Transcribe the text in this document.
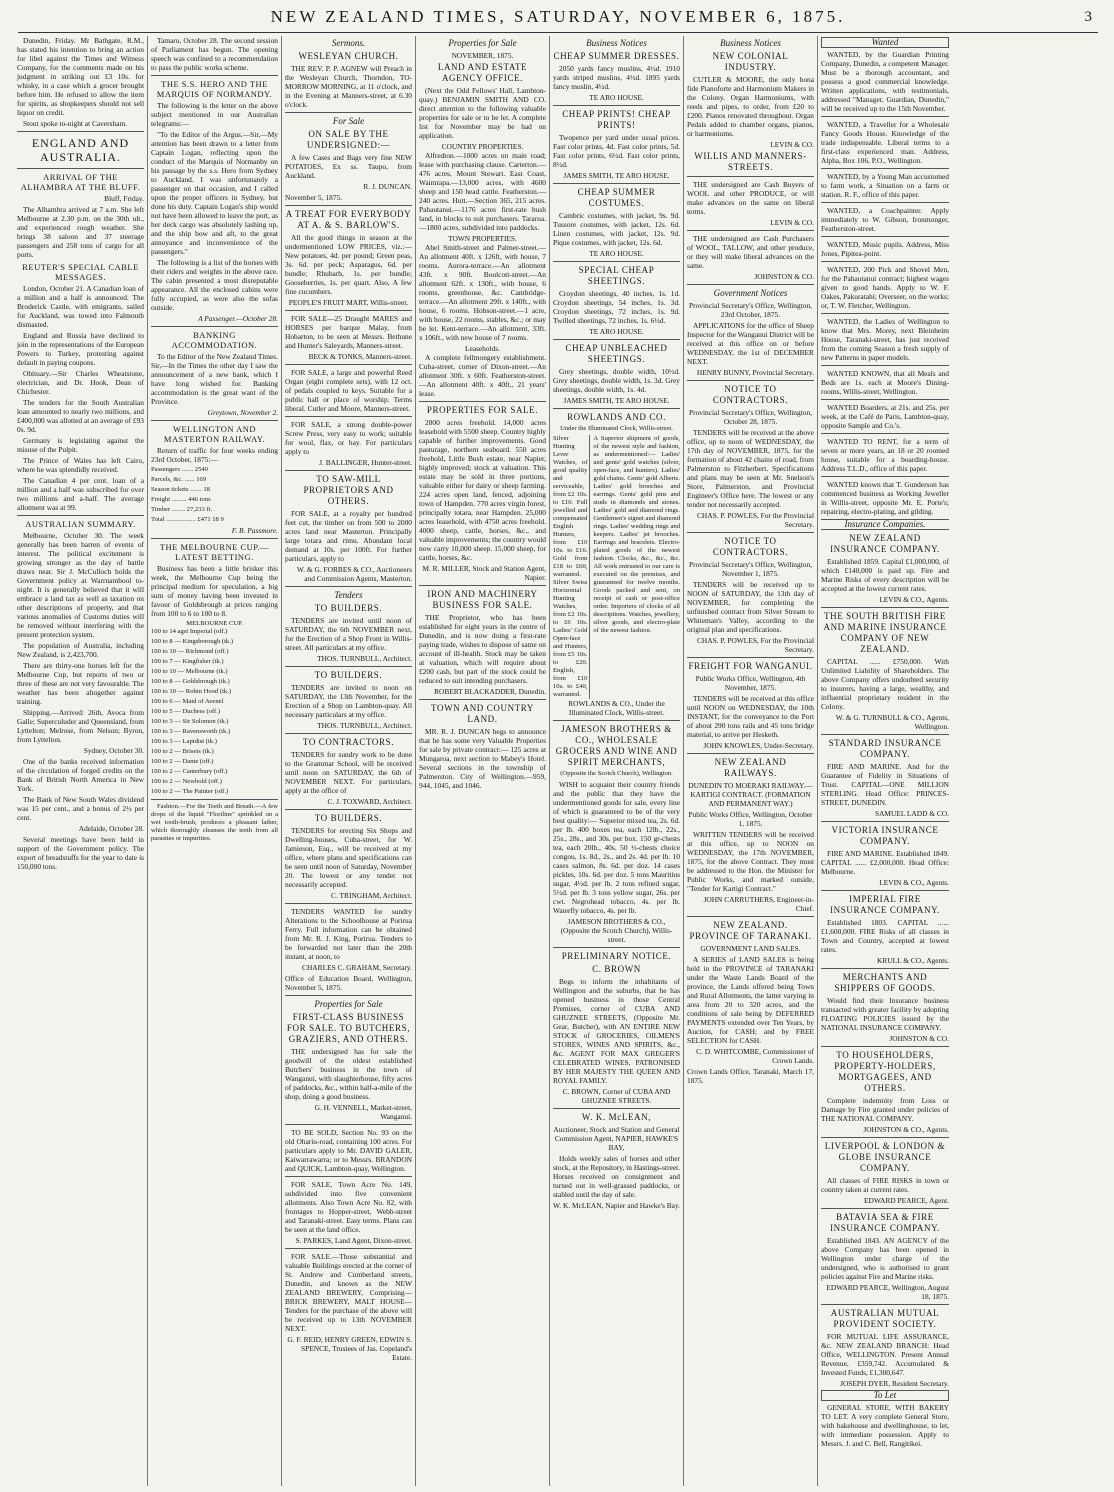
NEW ZEALAND TIMES, SATURDAY, NOVEMBER 6, 1875.	3

Dunedin, Friday. Mr Bathgate, R.M., has stated his intention to bring an action for libel against the Times and Witness Company, for the comments made on his judgment in striking out £3 10s. for whisky, in a case which a grocer brought before him. He refused to allow the item for spirits, as shopkeepers should not sell liquor on credit.

Stout spoke to-night at Caversham.

ENGLAND AND AUSTRALIA.
ARRIVAL OF THE ALHAMBRA AT THE BLUFF.

Bluff, Friday.

The Alhambra arrived at 7 a.m. She left Melbourne at 2.30 p.m. on the 30th ult., and experienced rough weather. She brings 38 saloon and 37 steerage passengers and 258 tons of cargo for all ports.

REUTER'S SPECIAL CABLE MESSAGES.

London, October 21. A Canadian loan of a million and a half is announced. The Broderick Castle, with emigrants, sailed for Auckland, was towed into Falmouth dismasted.

England and Russia have declined to join in the representations of the European Powers to Turkey, protesting against default in paying coupons.

Obituary.—Sir Charles Wheatstone, electrician, and Dr. Hook, Dean of Chichester.

The tenders for the South Australian loan amounted to nearly two millions, and £400,000 was allotted at an average of £93 0s. 9d.

Germany is legislating against the misuse of the Pulpit.

The Prince of Wales has left Cairo, where he was splendidly received.

The Canadian 4 per cent. loan of a million and a half was subscribed for over two millions and a-half. The average allotment was at 99.

AUSTRALIAN SUMMARY.

Melbourne, October 30. The week generally has been barren of events of interest. The political excitement is growing stronger as the day of battle draws near. Sir J. McCulloch holds the Government policy at Warrnambool to-night. It is generally believed that it will embrace a land tax as well as taxation on other descriptions of property, and that various anomalies of Customs duties will be removed without interfering with the present protection system.

The population of Australia, including New Zealand, is 2,423,700.

There are thirty-one horses left for the Melbourne Cup, but reports of two or three of these are not very favourable. The weather has been altogether against training.

Shipping.—Arrived: 26th, Avoca from Galle; Superculuder and Queensland, from Lyttelton; Melrose, from Nelson; Byron, from Lyttelton.

Sydney, October 30.

One of the banks received information of the circulation of forged credits on the Bank of British North America in New York.

The Bank of New South Wales dividend was 15 per cent., and a bonus of 2½ per cent.

Adelaide, October 28.

Several meetings have been held in support of the Government policy. The export of breadstuffs for the year to date is 150,000 tons.

Tamaru, October 28. The second session of Parliament has begun. The opening speech was confined to a recommendation to pass the public works scheme.

THE S.S. HERO AND THE MARQUIS OF NORMANDY.

The following is the letter on the above subject mentioned in our Australian telegrams:—

"To the Editor of the Argus.—Sir,—My attention has been drawn to a letter from Captain Logan, reflecting upon the conduct of the Marquis of Normanby on his passage by the s.s. Hero from Sydney to Auckland. I was unfortunately a passenger on that occasion, and I called upon the proper officers in Sydney, but done his duty. Captain Logan's ship would not have been allowed to leave the port, as her deck cargo was absolutely lashing up, and the ship bow and aft, to the great annoyance and inconvenience of the passengers."

The following is a list of the horses with their riders and weights in the above race. The cabin presented a most disreputable appearance. All the enclosed cabins were fully occupied, as were also the sofas outside.

A Passenger.—October 28.

BANKING ACCOMMODATION.

To the Editor of the New Zealand Times. Sir,—In the Times the other day I saw the announcement of a new bank, which I have long wished for. Banking accommodation is the great want of the Province.

Greytown, November 2.

WELLINGTON AND MASTERTON RAILWAY.

Return of traffic for four weeks ending 23rd October, 1875:—

Passengers ....... 2540

Parcels, &c. ...... 169

Season tickets ....... 18

Freight ......... 446 tons

Timber ........ 27,233 ft.

Total .................. £471 18 9

F. B. Passmore.

THE MELBOURNE CUP.—LATEST BETTING.

Business has been a little brisker this week, the Melbourne Cup being the principal medium for speculation, a big sum of money having been invested in favour of Goldsbrough at prices ranging from 100 to 6 to 100 to 8.

MELBOURNE CUP.

100 to 14 agst Imperial (off.)

100 to 8 — Kingsborough (tk.)

100 to 10 — Richmond (off.)

100 to 7 — Kingfisher (tk.)

100 to 10 — Melbourne (tk.)

100 to 8 — Goldsbrough (tk.)

100 to 10 — Robin Hood (tk.)

100 to 6 — Maid of Avenel

100 to 5 — Duchess (off.)

100 to 3 — Sir Solomon (tk.)

100 to 3 — Ravensworth (tk.)

100 to 3 — Lapidist (tk.)

100 to 2 — Briseis (tk.)

100 to 2 — Dante (off.)

100 to 2 — Canterbury (off.)

100 to 2 — Newbold (off.)

100 to 2 — The Painter (off.)

Fashion.—For the Teeth and Breath.—A few drops of the liquid "Floriline" sprinkled on a wet tooth-brush, produces a pleasant lather, which thoroughly cleanses the teeth from all parasites or impurities.

Sermons.
WESLEYAN CHURCH.

THE REV. P. P. AGNEW will Preach in the Wesleyan Church, Thorndon, TO-MORROW MORNING, at 11 o'clock, and in the Evening at Manners-street, at 6.30 o'clock.

For Sale
ON SALE BY THE UNDERSIGNED:—

A few Cases and Bags very fine NEW POTATOES, Ex ss. Taupo, from Auckland.

R. J. DUNCAN.

November 5, 1875.

A TREAT FOR EVERYBODY AT A. & S. BARLOW'S.

All the good things in season at the undermentioned LOW PRICES, viz.:— New potatoes, 4d. per pound; Green peas, 3s. 6d. per peck; Asparagus, 6d. per bundle; Rhubarb, 1s. per bundle; Gooseberries, 1s. per quart. Also, A few fine cucumbers.

PEOPLE'S FRUIT MART, Willis-street.

FOR SALE—25 Draught MARES and HORSES per barque Malay, from Hobarton, to be seen at Messrs. Bethune and Hunter's Saleyards, Manners-street.

BECK & TONKS, Manners-street.

FOR SALE, a large and powerful Reed Organ (eight complete sets), with 12 oct. of pedals coupled to keys. Suitable for a public hall or place of worship. Terms liberal. Cutler and Moore, Manners-street.

FOR SALE, a strong double-power Screw Press, very easy to work; suitable for wool, flax, or hay. For particulars apply to

J. BALLINGER, Hunter-street.

TO SAW-MILL PROPRIETORS AND OTHERS.

FOR SALE, at a royalty per hundred feet cut, the timber on from 500 to 2000 acres land near Masterton. Principally large totara and rimu. Abundant local demand at 10s. per 100ft. For further particulars, apply to

W. & G. FORBES & CO., Auctioneers and Commission Agents, Masterton.

Tenders
TO BUILDERS.

TENDERS are invited until noon of SATURDAY, the 6th NOVEMBER next, for the Erection of a Shop Front in Willis-street. All particulars at my office.

THOS. TURNBULL, Architect.

TO BUILDERS.

TENDERS are invited to noon on SATURDAY, the 13th November, for the Erection of a Shop on Lambton-quay. All necessary particulars at my office.

THOS. TURNBULL, Architect.

TO CONTRACTORS.

TENDERS for sundry work to be done to the Grammar School, will be received until noon on SATURDAY, the 6th of NOVEMBER NEXT. For particulars, apply at the office of

C. J. TOXWARD, Architect.

TO BUILDERS.

TENDERS for erecting Six Shops and Dwelling-houses, Cuba-street, for W. Jamieson, Esq., will be received at my office, where plans and specifications can be seen until noon of Saturday, November 20. The lowest or any tender not necessarily accepted.

C. TRINGHAM, Architect.

TENDERS WANTED for sundry Alterations to the Schoolhouse at Porirua Ferry. Full information can be obtained from Mr. R. J. King, Porirua. Tenders to be forwarded not later than the 20th instant, at noon, to

CHARLES C. GRAHAM, Secretary.

Office of Education Board, Wellington, November 5, 1875.

Properties for Sale
FIRST-CLASS BUSINESS FOR SALE. TO BUTCHERS, GRAZIERS, AND OTHERS.

THE undersigned has for sale the goodwill of the oldest established Butchers' business in the town of Wanganui, with slaughterhouse, fifty acres of paddocks, &c., within half-a-mile of the shop, doing a good business.

G. H. VENNELL, Market-street, Wanganui.

TO BE SOLD, Section No. 93 on the old Ohariu-road, containing 100 acres. For particulars apply to Mr. DAVID GALER, Kaiwarrawarra; or to Messrs. BRANDON and QUICK, Lambton-quay, Wellington.

FOR SALE, Town Acre No. 149, subdivided into five convenient allotments. Also Town Acre No. 82, with frontages to Hopper-street, Webb-street and Taranaki-street. Easy terms. Plans can be seen at the land office.

S. PARKES, Land Agent, Dixon-street.

FOR SALE.—Those substantial and valuable Buildings erected at the corner of St. Andrew and Cumberland streets, Dunedin, and known as the NEW ZEALAND BREWERY, Comprising— BRICK BREWERY, MALT HOUSE— Tenders for the purchase of the above will be received up to 13th NOVEMBER NEXT.

G. F. REID, HENRY GREEN, EDWIN S. SPENCE, Trustees of Jas. Copeland's Estate.

Properties for Sale

NOVEMBER, 1875.

LAND AND ESTATE AGENCY OFFICE.

(Next the Odd Fellows' Hall, Lambton-quay.) BENJAMIN SMITH AND CO. direct attention to the following valuable properties for sale or to be let. A complete list for November may be had on application.

COUNTRY PROPERTIES.

Alfredton.—1000 acres on main road; lease with purchasing clause. Carterton.—476 acres, Mount Stewart. East Coast, Waimrapa.—13,000 acres, with 4600 sheep and 150 head cattle. Featherston.—240 acres. Hutt.—Section 365, 215 acres. Pahautanui.—1176 acres first-rate bush land, in blocks to suit purchasers. Tararua.—1800 acres, subdivided into paddocks.

TOWN PROPERTIES.

Abel Smith-street and Palmer-street.—An allotment 40ft. x 126ft, with house, 7 rooms. Aurora-terrace.—An allotment 43ft. x 90ft. Boulcott-street.—An allotment 62ft. x 130ft., with house, 6 rooms, greenhouse, &c. Cambridge-terrace.—An allotment 29ft. x 140ft., with house, 6 rooms. Hobson-street.—1 acre, with house, 22 rooms, stables, &c.; or may be let. Kent-terrace.—An allotment, 33ft. x 106ft., with new house of 7 rooms.

Leaseholds.

A complete fellmongery establishment. Cuba-street, corner of Dixon-street.—An allotment 30ft. x 60ft. Featherston-street.—An allotment 40ft. x 40ft., 21 years' lease.

PROPERTIES FOR SALE.

2800 acres freehold. 14,000 acres leasehold with 5500 sheep. Country highly capable of further improvements. Good pasturage, northern seaboard. 550 acres freehold, Little Bush estate, near Napier, highly improved; stock at valuation. This estate may be sold in three portions, valuable either for dairy or sheep farming. 224 acres open land, fenced, adjoining town of Hampden. 770 acres virgin forest, principally totara, near Hampden. 25,000 acres leasehold, with 4750 acres freehold. 4000 sheep, cattle, horses, &c., and valuable improvements; the country would now carry 10,000 sheep. 15,000 sheep, for cattle, horses, &c.

M. R. MILLER, Stock and Station Agent, Napier.

IRON AND MACHINERY BUSINESS FOR SALE.

THE Proprietor, who has been established for eight years in the centre of Dunedin, and is now doing a first-rate paying trade, wishes to dispose of same on account of ill-health. Stock may be taken at valuation, which will require about £200 cash, but part of the stock could be reduced to suit intending purchasers.

ROBERT BLACKADDER, Dunedin.

TOWN AND COUNTRY LAND.

MR. R. J. DUNCAN begs to announce that he has some very Valuable Properties for sale by private contract:— 125 acres at Mungaroa, next section to Mabey's Hotel. Several sections in the township of Palmerston. City of Wellington.—959, 944, 1045, and 1046.

Business Notices
CHEAP SUMMER DRESSES.

2050 yards fancy muslins, 4½d. 1910 yards striped muslins, 4½d. 1895 yards fancy muslin, 4½d.

TE ARO HOUSE.

CHEAP PRINTS! CHEAP PRINTS!

Twopence per yard under usual prices. Fast color prints, 4d. Fast color prints, 5d. Fast color prints, 6½d. Fast color prints, 8½d.

JAMES SMITH, TE ARO HOUSE.

CHEAP SUMMER COSTUMES.

Cambric costumes, with jacket, 9s. 9d. Tussore costumes, with jacket, 12s. 6d. Linen costumes, with jacket, 12s. 9d. Pique costumes, with jacket, 12s. 6d.

TE ARO HOUSE.

SPECIAL CHEAP SHEETINGS.

Croydon sheetings, 40 inches, 1s. 1d. Croydon sheetings, 54 inches, 1s. 3d. Croydon sheetings, 72 inches, 1s. 9d. Twilled sheetings, 72 inches, 1s. 6½d.

TE ARO HOUSE.

CHEAP UNBLEACHED SHEETINGS.

Grey sheetings, double width, 10½d. Grey sheetings, double width, 1s. 3d. Grey sheetings, double width, 1s. 4d.

JAMES SMITH, TE ARO HOUSE.

ROWLANDS AND CO.

Under the Illuminated Clock, Willis-street.

Silver Hunting Lever Watches, of good quality and serviceable, from £2 10s. to £10. Full jewelled and compensated English Hunters, from £10 10s. to £16. Gold from £18 to £60, warranted. Silver Swiss Horizontal Hunting Watches, from £2 10s. to £6 10s. Ladies' Gold Open-face and Hunters, from £5 10s. to £20. English, from £10 10s. to £40, warranted.
A Superior shipment of goods, of the newest style and fashion, as undermentioned:— Ladies' and gents' gold watches (silver, open-face, and hunters). Ladies' gold chains. Gents' gold Alberts. Ladies' gold brooches and earrings. Gents' gold pins and studs in diamonds and stones. Ladies' gold and diamond rings. Gentlemen's signet and diamond rings. Ladies' wedding rings and keepers. Ladies' jet brooches. Earrings and bracelets. Electro-plated goods of the newest fashion. Clocks, &c., &c., &c. All work entrusted to our care is executed on the premises, and guaranteed for twelve months. Goods packed and sent, on receipt of cash or post-office order. Importers of clocks of all descriptions. Watches, jewellery, silver goods, and electro-plate of the newest fashion.

ROWLANDS & CO., Under the Illuminated Clock, Willis-street.

JAMESON BROTHERS & CO., WHOLESALE GROCERS AND WINE AND SPIRIT MERCHANTS,

(Opposite the Scotch Church), Wellington.

WISH to acquaint their country friends and the public that they have the undermentioned goods for sale, every line of which is guaranteed to be of the very best quality:— Superior mixed tea, 2s. 6d. per lb. 400 boxes tea, each 12lb., 22s., 25s., 28s., and 30s. per box. 150 gr-chests tea, each 20lb., 40s. 50 ½-chests choice congou, 1s. 8d., 2s., and 2s. 4d. per lb. 10 cases salmon, 8s. 6d. per doz. 14 cases pickles, 10s. 6d. per doz. 5 tons Mauritius sugar, 4½d. per lb. 2 tons refined sugar, 5½d. per lb. 3 tons yellow sugar, 26s. per cwt. Negrohead tobacco, 4s. per lb. Waterfly tobacco, 4s. per lb.

JAMESON BROTHERS & CO., (Opposite the Scotch Church), Willis-street.

PRELIMINARY NOTICE.
C. BROWN

Begs to inform the inhabitants of Wellington and the suburbs, that he has opened business in those Central Premises, corner of CUBA AND GHUZNEE STREETS, (Opposite Mr. Gear, Butcher), with AN ENTIRE NEW STOCK of GROCERIES, OILMEN'S STORES, WINES AND SPIRITS, &c., &c. AGENT FOR MAX GREGER'S CELEBRATED WINES, PATRONISED BY HER MAJESTY THE QUEEN AND ROYAL FAMILY.

C. BROWN, Corner of CUBA AND GHUZNEE STREETS.

W. K. McLEAN,

Auctioneer, Stock and Station and General Commission Agent, NAPIER, HAWKE'S BAY,

Holds weekly sales of horses and other stock, at the Repository, in Hastings-street. Horses received on consignment and turned out in well-grassed paddocks, or stabled until the day of sale.

W. K. McLEAN, Napier and Hawke's Bay.

Business Notices
NEW COLONIAL INDUSTRY.

CUTLER & MOORE, the only bona fide Pianoforte and Harmonium Makers in the Colony. Organ Harmoniums, with reeds and pipes, to order, from £20 to £200. Pianos renovated throughout. Organ Pedals added to chamber organs, pianos, or harmoniums.

LEVIN & CO.

WILLIS AND MANNERS-STREETS.

THE undersigned are Cash Buyers of WOOL and other PRODUCE, or will make advances on the same on liberal terms.

LEVIN & CO.

THE undersigned are Cash Purchasers of WOOL, TALLOW, and other produce, or they will make liberal advances on the same.

JOHNSTON & CO.

Government Notices

Provincial Secretary's Office, Wellington, 23rd October, 1875.

APPLICATIONS for the office of Sheep Inspector for the Wanganui District will be received at this office on or before WEDNESDAY, the 1st of DECEMBER NEXT.

HENRY BUNNY, Provincial Secretary.

NOTICE TO CONTRACTORS.

Provincial Secretary's Office, Wellington, October 28, 1875.

TENDERS will be received at the above office, up to noon of WEDNESDAY, the 17th day of NOVEMBER, 1875, for the formation of about 42 chains of road, from Palmerston to Fitzherbert. Specifications and plans may be seen at Mr. Snelson's Store, Palmerston, and Provincial Engineer's Office here. The lowest or any tender not necessarily accepted.

CHAS. P. POWLES, For the Provincial Secretary.

NOTICE TO CONTRACTORS.

Provincial Secretary's Office, Wellington, November 1, 1875.

TENDERS will be received up to NOON of SATURDAY, the 13th day of NOVEMBER, for completing the unfinished contract from Silver Stream to Whiteman's Valley, according to the original plan and specifications.

CHAS. P. POWLES, For the Provincial Secretary.

FREIGHT FOR WANGANUI.

Public Works Office, Wellington, 4th November, 1875.

TENDERS will be received at this office until NOON on WEDNESDAY, the 10th INSTANT, for the conveyance to the Port of about 290 tons rails and 45 tons bridge material, to arrive per Hesketh.

JOHN KNOWLES, Under-Secretary.

NEW ZEALAND RAILWAYS.

DUNEDIN TO MOERAKI RAILWAY.—KARTIGI CONTRACT. (FORMATION AND PERMANENT WAY.)

Public Works Office, Wellington, October 1, 1875.

WRITTEN TENDERS will be received at this office, up to NOON on WEDNESDAY, the 17th NOVEMBER, 1875, for the above Contract. They must be addressed to the Hon. the Minister for Public Works, and marked outside, "Tender for Kartigi Contract."

JOHN CARRUTHERS, Engineer-in-Chief.

NEW ZEALAND. PROVINCE OF TARANAKI.

GOVERNMENT LAND SALES.

A SERIES of LAND SALES is being held in the PROVINCE of TARANAKI under the Waste Lands Board of the province, the Lands offered being Town and Rural Allotments, the latter varying in area from 20 to 320 acres, and the conditions of sale being by DEFERRED PAYMENTS extended over Ten Years, by Auction, for CASH; and by FREE SELECTION for CASH.

C. D. WHITCOMBE, Commissioner of Crown Lands.

Crown Lands Office, Taranaki, March 17, 1875.

Wanted

WANTED, by the Guardian Printing Company, Dunedin, a competent Manager. Must be a thorough accountant, and possess a good commercial knowledge. Written applications, with testimonials, addressed "Manager, Guardian, Dunedin," will be received up to the 15th November.

WANTED, a Traveller for a Wholesale Fancy Goods House. Knowledge of the trade indispensable. Liberal terms to a first-class experienced man. Address, Alpha, Box 106, P.O., Wellington.

WANTED, by a Young Man accustomed to farm work, a Situation on a farm or station. R. F., office of this paper.

WANTED, a Coachpainter. Apply immediately to W. Gibson, Ironmonger, Featherston-street.

WANTED, Music pupils. Address, Miss Jones, Pipitea-point.

WANTED, 200 Pick and Shovel Men, for the Pahautanui contract; highest wages given to good hands. Apply to W. F. Oakes, Pakuratahi; Overseer, on the works; or, T. W. Fletcher, Wellington.

WANTED, the Ladies of Wellington to know that Mrs. Morey, next Bleinheim House, Taranaki-street, has just received from the coming Season a fresh supply of new Patterns in paper models.

WANTED KNOWN, that all Meals and Beds are 1s. each at Moore's Dining-rooms, Willis-street, Wellington.

WANTED Boarders, at 21s. and 25s. per week, at the Café de Paris, Lambton-quay, opposite Sample and Co.'s.

WANTED TO RENT, for a term of seven or more years, an 18 or 20 roomed house, suitable for a boarding-house. Address T.L.D., office of this paper.

WANTED known that T. Gunderson has commenced business as Working Jeweller in Willis-street, opposite Mr. E. Porte's; repairing, electro-plating, and gilding.

Insurance Companies.
NEW ZEALAND INSURANCE COMPANY.

Established 1859. Capital £1,000,000, of which £140,000 is paid up. Fire and Marine Risks of every description will be accepted at the lowest current rates.

LEVIN & CO., Agents.

THE SOUTH BRITISH FIRE AND MARINE INSURANCE COMPANY OF NEW ZEALAND.

CAPITAL ...... £750,000. With Unlimited Liability of Shareholders. The above Company offers undoubted security to insurers, having a large, wealthy, and influential proprietary resident in the Colony.

W. & G. TURNBULL & CO., Agents, Wellington.

STANDARD INSURANCE COMPANY.

FIRE AND MARINE. And for the Guarantee of Fidelity in Situations of Trust. CAPITAL—ONE MILLION STERLING. Head Office: PRINCES-STREET, DUNEDIN.

SAMUEL LADD & CO.

VICTORIA INSURANCE COMPANY.

FIRE AND MARINE. Established 1849. CAPITAL ...... £2,000,000. Head Office: Melbourne.

LEVIN & CO., Agents.

IMPERIAL FIRE INSURANCE COMPANY.

Established 1803. CAPITAL ...... £1,600,000. FIRE Risks of all classes in Town and Country, accepted at lowest rates.

KRULL & CO., Agents.

MERCHANTS AND SHIPPERS OF GOODS.

Would find their Insurance business transacted with greater facility by adopting FLOATING POLICIES issued by the NATIONAL INSURANCE COMPANY.

JOHNSTON & CO.

TO HOUSEHOLDERS, PROPERTY-HOLDERS, MORTGAGEES, AND OTHERS.

Complete indemnity from Loss or Damage by Fire granted under policies of THE NATIONAL COMPANY.

JOHNSTON & CO., Agents.

LIVERPOOL & LONDON & GLOBE INSURANCE COMPANY.

All classes of FIRE RISKS in town or country taken at current rates.

EDWARD PEARCE, Agent.

BATAVIA SEA & FIRE INSURANCE COMPANY.

Established 1843. AN AGENCY of the above Company has been opened in Wellington under charge of the undersigned, who is authorised to grant policies against Fire and Marine risks.

EDWARD PEARCE, Wellington, August 18, 1875.

AUSTRALIAN MUTUAL PROVIDENT SOCIETY.

FOR MUTUAL LIFE ASSURANCE, &c. NEW ZEALAND BRANCH: Head Office, WELLINGTON. Present Annual Revenue, £359,742. Accumulated & Invested Funds, £1,300,647.

JOSEPH DYER, Resident Secretary.

To Let

GENERAL STORE, WITH BAKERY TO LET. A very complete General Store, with bakehouse and dwellinghouse, to let, with immediate possession. Apply to Messrs. J. and C. Bell, Rangitikei.
